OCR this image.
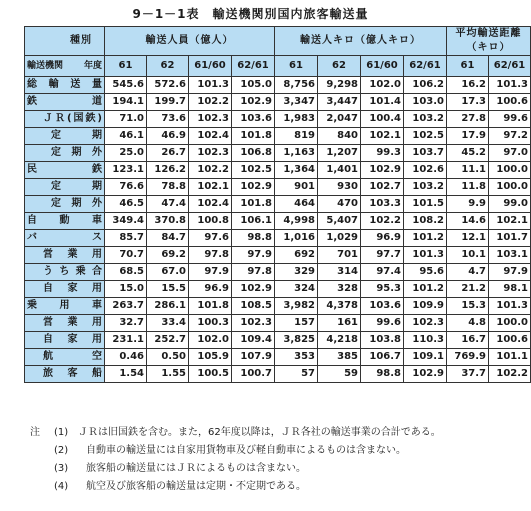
9－1－1表　輸送機関別国内旅客輸送量
種別	輸送人員（億人）				輸送人キロ（億人キロ）				平均輸送距離
（キロ）	

輸送機関 年度	61	62	61/60	62/61	61	62	61/60	62/61	61	62/61
総輸送量	545.6	572.6	101.3	105.0	8,756	9,298	102.0	106.2	16.2	101.3
鉄道	194.1	199.7	102.2	102.9	3,347	3,447	101.4	103.0	17.3	100.6
ＪＲ(国鉄)	71.0	73.6	102.3	103.6	1,983	2,047	100.4	103.2	27.8	99.6
定期	46.1	46.9	102.4	101.8	819	840	102.1	102.5	17.9	97.2
定期外	25.0	26.7	102.3	106.8	1,163	1,207	99.3	103.7	45.2	97.0
民鉄	123.1	126.2	102.2	102.5	1,364	1,401	102.9	102.6	11.1	100.0
定期	76.6	78.8	102.1	102.9	901	930	102.7	103.2	11.8	100.0
定期外	46.5	47.4	102.4	101.8	464	470	103.3	101.5	9.9	99.0
自動車	349.4	370.8	100.8	106.1	4,998	5,407	102.2	108.2	14.6	102.1
バス	85.7	84.7	97.6	98.8	1,016	1,029	96.9	101.2	12.1	101.7
営業用	70.7	69.2	97.8	97.9	692	701	97.7	101.3	10.1	103.1
うち乗合	68.5	67.0	97.9	97.8	329	314	97.4	95.6	4.7	97.9
自家用	15.0	15.5	96.9	102.9	324	328	95.3	101.2	21.2	98.1
乗用車	263.7	286.1	101.8	108.5	3,982	4,378	103.6	109.9	15.3	101.3
営業用	32.7	33.4	100.3	102.3	157	161	99.6	102.3	4.8	100.0
自家用	231.1	252.7	102.0	109.4	3,825	4,218	103.8	110.3	16.7	100.6
航空	0.46	0.50	105.9	107.9	353	385	106.7	109.1	769.9	101.1
旅客船	1.54	1.55	100.5	100.7	57	59	98.8	102.9	37.7	102.2
注	(1) ＪＲは旧国鉄を含む。また，62年度以降は，ＪＲ各社の輸送事業の合計である。
(2)	自動車の輸送量には自家用貨物車及び軽自動車によるものは含まない。
(3)	旅客船の輸送量にはＪＲによるものは含まない。
(4)	航空及び旅客船の輸送量は定期・不定期である。
